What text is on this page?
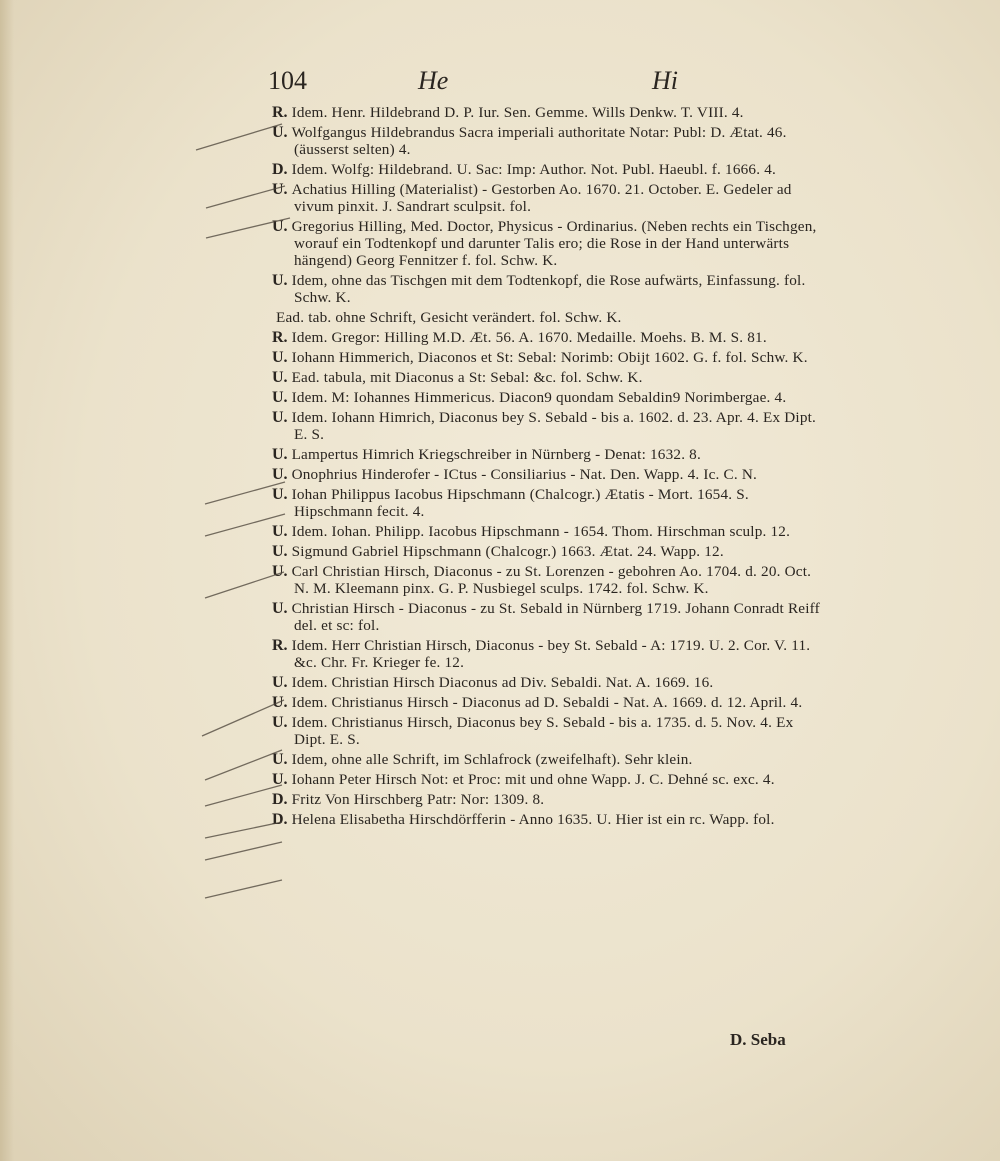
104	He	Hi
R. Idem. Henr. Hildebrand D. P. Iur. Sen. Gemme. Wills Denkw. T. VIII. 4.
U. Wolfgangus Hildebrandus Sacra imperiali authoritate Notar: Publ: D. Ætat. 46. (äusserst selten) 4.
D. Idem. Wolfg: Hildebrand. U. Sac: Imp: Author. Not. Publ. Haeubl. f. 1666. 4.
U. Achatius Hilling (Materialist) - Gestorben Ao. 1670. 21. October. E. Gedeler ad vivum pinxit. J. Sandrart sculpsit. fol.
U. Gregorius Hilling, Med. Doctor, Physicus - Ordinarius. (Neben rechts ein Tischgen, worauf ein Todtenkopf und darunter Talis ero; die Rose in der Hand unterwärts hängend) Georg Fennitzer f. fol. Schw. K.
U. Idem, ohne das Tischgen mit dem Todtenkopf, die Rose aufwärts, Einfassung. fol. Schw. K.
Ead. tab. ohne Schrift, Gesicht verändert. fol. Schw. K.
R. Idem. Gregor: Hilling M.D. Æt. 56. A. 1670. Medaille. Moehs. B. M. S. 81.
U. Iohann Himmerich, Diaconos et St: Sebal: Norimb: Obijt 1602. G. f. fol. Schw. K.
U. Ead. tabula, mit Diaconus a St: Sebal: &c. fol. Schw. K.
U. Idem. M: Iohannes Himmericus. Diacon9 quondam Sebaldin9 Norimbergae. 4.
U. Idem. Iohann Himrich, Diaconus bey S. Sebald - bis a. 1602. d. 23. Apr. 4. Ex Dipt. E. S.
U. Lampertus Himrich Kriegschreiber in Nürnberg - Denat: 1632. 8.
U. Onophrius Hinderofer - ICtus - Consiliarius - Nat. Den. Wapp. 4. Ic. C. N.
U. Iohan Philippus Iacobus Hipschmann (Chalcogr.) Ætatis - Mort. 1654. S. Hipschmann fecit. 4.
U. Idem. Iohan. Philipp. Iacobus Hipschmann - 1654. Thom. Hirschman sculp. 12.
U. Sigmund Gabriel Hipschmann (Chalcogr.) 1663. Ætat. 24. Wapp. 12.
U. Carl Christian Hirsch, Diaconus - zu St. Lorenzen - gebohren Ao. 1704. d. 20. Oct. N. M. Kleemann pinx. G. P. Nusbiegel sculps. 1742. fol. Schw. K.
U. Christian Hirsch - Diaconus - zu St. Sebald in Nürnberg 1719. Johann Conradt Reiff del. et sc: fol.
R. Idem. Herr Christian Hirsch, Diaconus - bey St. Sebald - A: 1719. U. 2. Cor. V. 11. &c. Chr. Fr. Krieger fe. 12.
U. Idem. Christian Hirsch Diaconus ad Div. Sebaldi. Nat. A. 1669. 16.
U. Idem. Christianus Hirsch - Diaconus ad D. Sebaldi - Nat. A. 1669. d. 12. April. 4.
U. Idem. Christianus Hirsch, Diaconus bey S. Sebald - bis a. 1735. d. 5. Nov. 4. Ex Dipt. E. S.
U. Idem, ohne alle Schrift, im Schlafrock (zweifelhaft). Sehr klein.
U. Iohann Peter Hirsch Not: et Proc: mit und ohne Wapp. J. C. Dehné sc. exc. 4.
D. Fritz Von Hirschberg Patr: Nor: 1309. 8.
D. Helena Elisabetha Hirschdörfferin - Anno 1635. U. Hier ist ein rc. Wapp. fol.
D. Seba
